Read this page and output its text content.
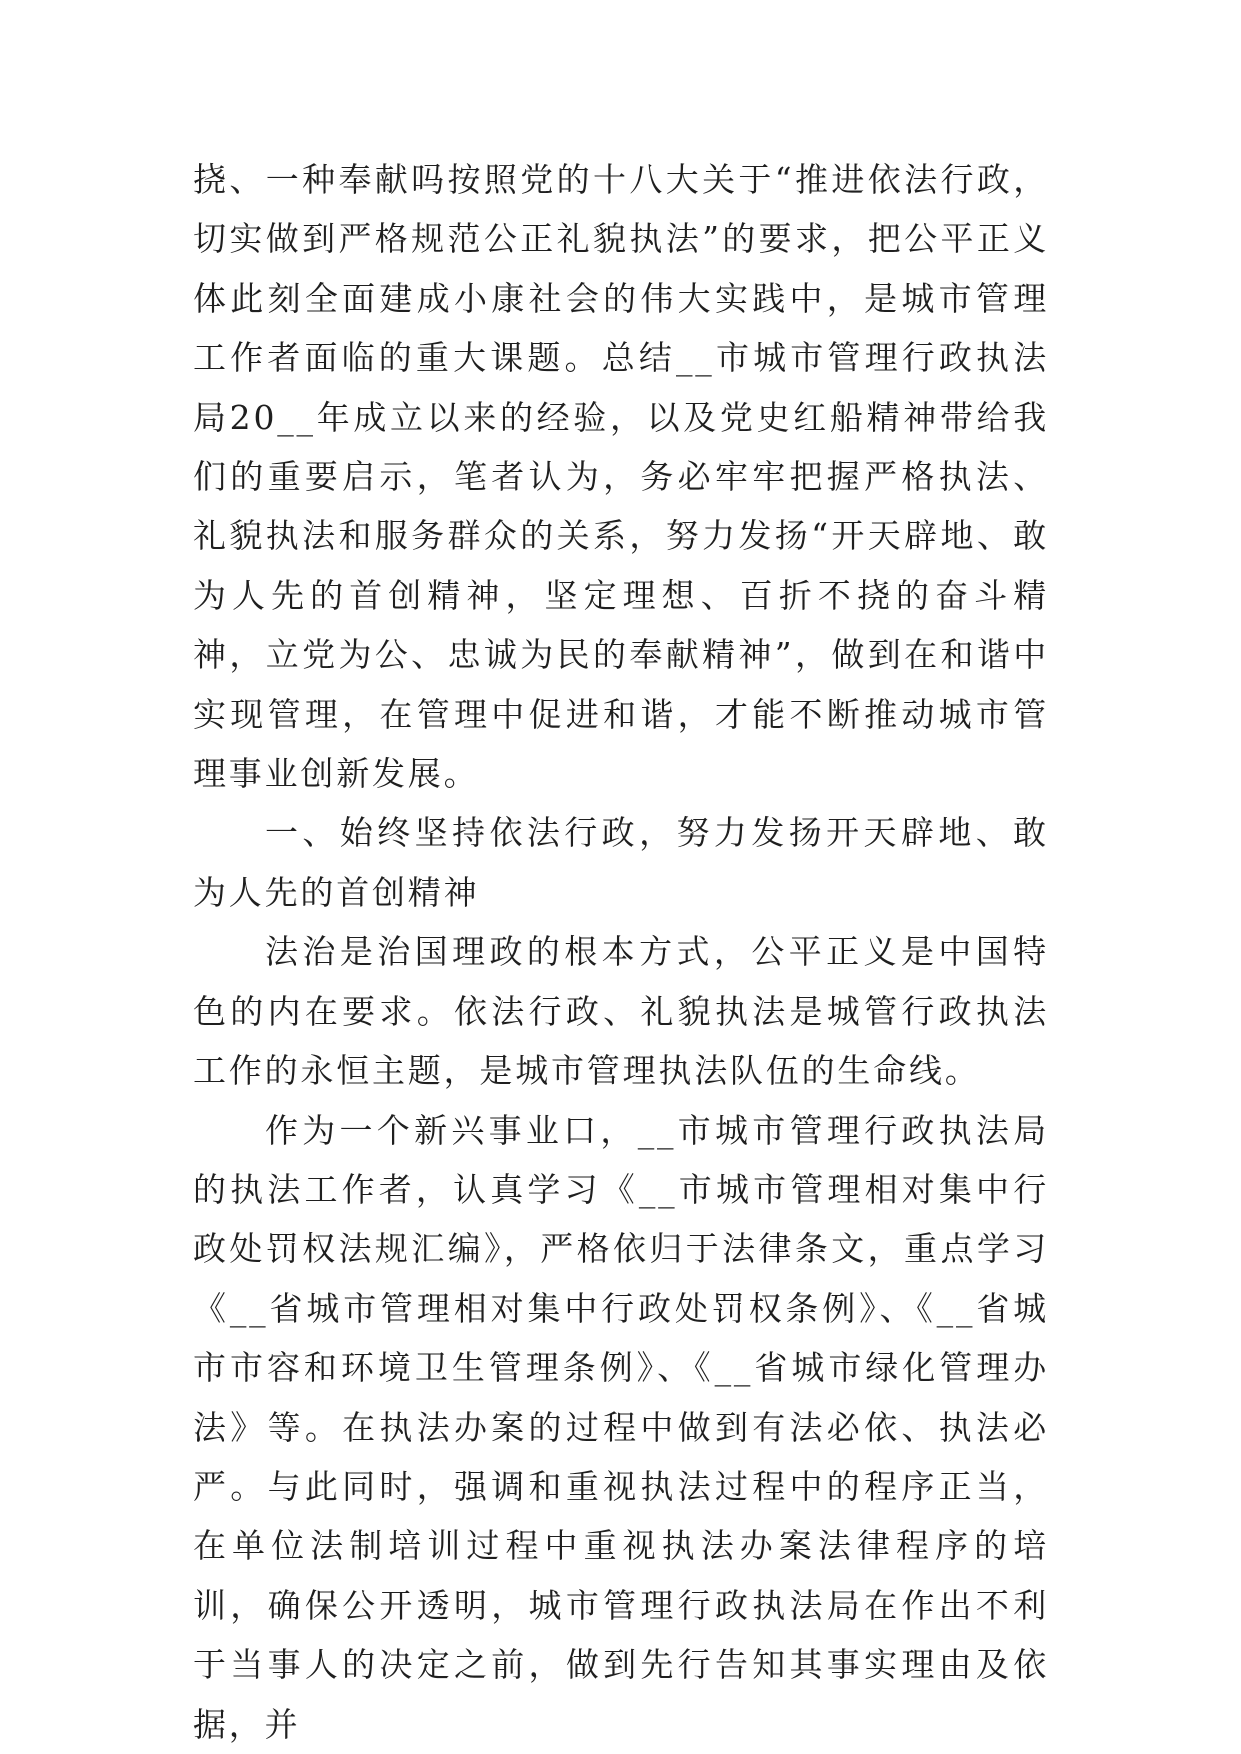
挠、一种奉献吗按照党的十八大关于“推进依法行政，切实做到严格规范公正礼貌执法”的要求，把公平正义体此刻全面建成小康社会的伟大实践中，是城市管理工作者面临的重大课题。总结__市城市管理行政执法局20__年成立以来的经验，以及党史红船精神带给我们的重要启示，笔者认为，务必牢牢把握严格执法、礼貌执法和服务群众的关系，努力发扬“开天辟地、敢为人先的首创精神，坚定理想、百折不挠的奋斗精神，立党为公、忠诚为民的奉献精神”，做到在和谐中实现管理，在管理中促进和谐，才能不断推动城市管理事业创新发展。

一、始终坚持依法行政，努力发扬开天辟地、敢为人先的首创精神

法治是治国理政的根本方式，公平正义是中国特色的内在要求。依法行政、礼貌执法是城管行政执法工作的永恒主题，是城市管理执法队伍的生命线。

作为一个新兴事业口，__市城市管理行政执法局的执法工作者，认真学习《__市城市管理相对集中行政处罚权法规汇编》，严格依归于法律条文，重点学习《__省城市管理相对集中行政处罚权条例》、《__省城市市容和环境卫生管理条例》、《__省城市绿化管理办法》等。在执法办案的过程中做到有法必依、执法必严。与此同时，强调和重视执法过程中的程序正当，在单位法制培训过程中重视执法办案法律程序的培训，确保公开透明，城市管理行政执法局在作出不利于当事人的决定之前，做到先行告知其事实理由及依据，并
